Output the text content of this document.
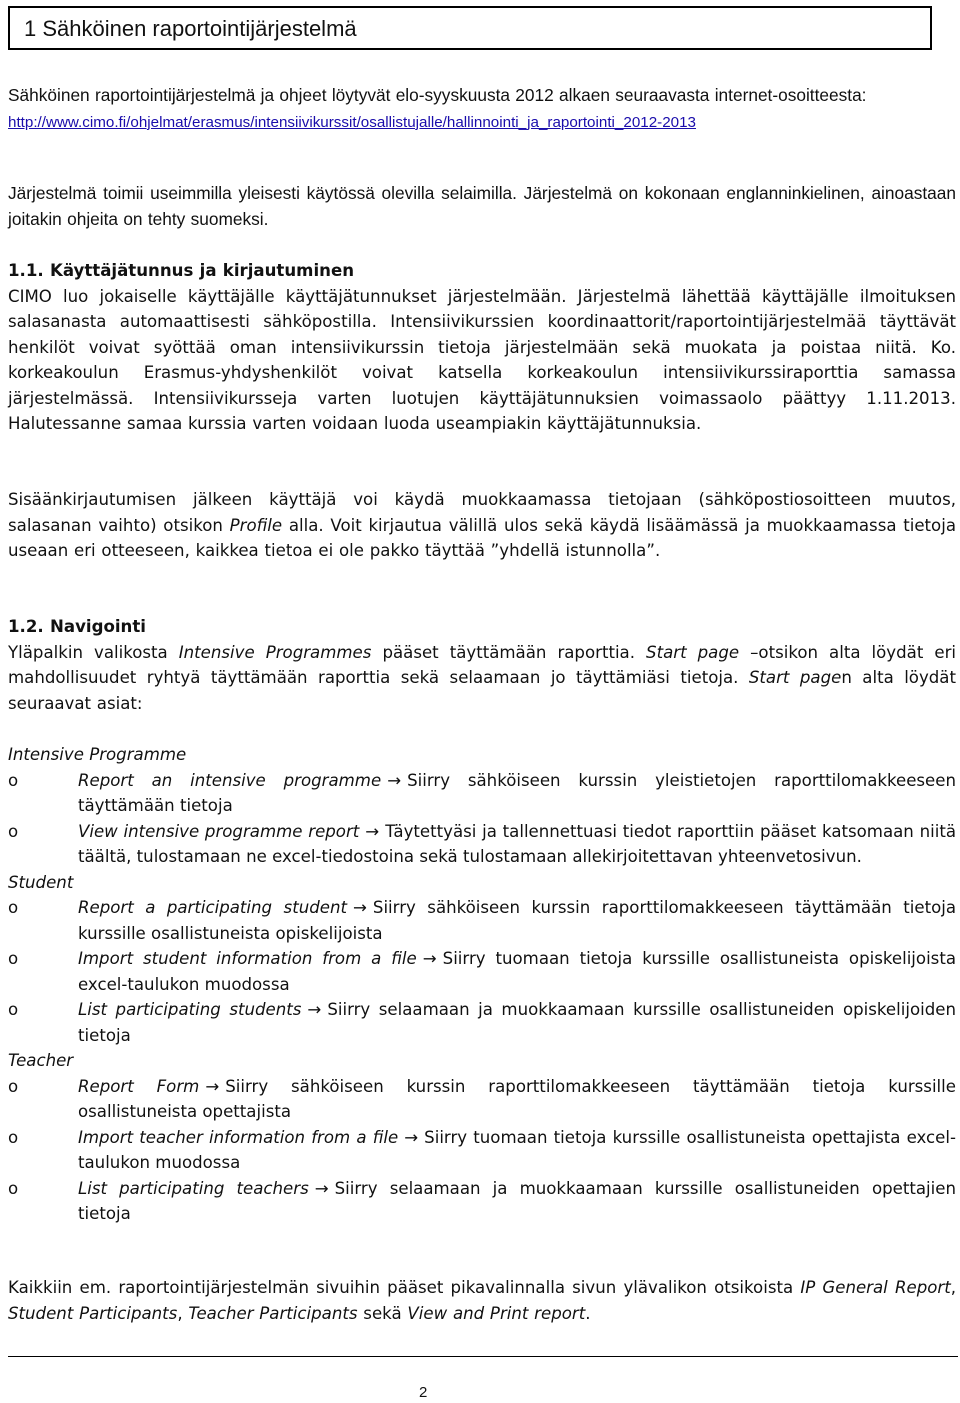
1 Sähköinen raportointijärjestelmä

Sähköinen raportointijärjestelmä ja ohjeet löytyvät elo-syyskuusta 2012 alkaen seuraavasta internet-osoitteesta:
http://www.cimo.fi/ohjelmat/erasmus/intensiivikurssit/osallistujalle/hallinnointi_ja_raportointi_2012-2013

Järjestelmä toimii useimmilla yleisesti käytössä olevilla selaimilla. Järjestelmä on kokonaan englanninkielinen, ainoastaan joitakin ohjeita on tehty suomeksi.

1.1. Käyttäjätunnus ja kirjautuminen
CIMO luo jokaiselle käyttäjälle käyttäjätunnukset järjestelmään. Järjestelmä lähettää käyttäjälle ilmoituksen salasanasta automaattisesti sähköpostilla. Intensiivikurssien koordinaattorit/raportointijärjestelmää täyttävät henkilöt voivat syöttää oman intensiivikurssin tietoja järjestelmään sekä muokata ja poistaa niitä. Ko. korkeakoulun Erasmus-yhdyshenkilöt voivat katsella korkeakoulun intensiivikurssiraporttia samassa järjestelmässä. Intensiivikursseja varten luotujen käyttäjätunnuksien voimassaolo päättyy 1.11.2013. Halutessanne samaa kurssia varten voidaan luoda useampiakin käyttäjätunnuksia.

Sisäänkirjautumisen jälkeen käyttäjä voi käydä muokkaamassa tietojaan (sähköpostiosoitteen muutos, salasanan vaihto) otsikon Profile alla. Voit kirjautua välillä ulos sekä käydä lisäämässä ja muokkaamassa tietoja useaan eri otteeseen, kaikkea tietoa ei ole pakko täyttää ”yhdellä istunnolla”.

1.2. Navigointi
Yläpalkin valikosta Intensive Programmes pääset täyttämään raporttia. Start page –otsikon alta löydät eri mahdollisuudet ryhtyä täyttämään raporttia sekä selaamaan jo täyttämiäsi tietoja. Start pagen alta löydät seuraavat asiat:

Intensive Programme
o	Report an intensive programme → Siirry sähköiseen kurssin yleistietojen raporttilomakkeeseen täyttämään tietoja
o	View intensive programme report → Täytettyäsi ja tallennettuasi tiedot raporttiin pääset katsomaan niitä täältä, tulostamaan ne excel-tiedostoina sekä tulostamaan allekirjoitettavan yhteenvetosivun.
Student
o	Report a participating student → Siirry sähköiseen kurssin raporttilomakkeeseen täyttämään tietoja kurssille osallistuneista opiskelijoista
o	Import student information from a file → Siirry tuomaan tietoja kurssille osallistuneista opiskelijoista excel-taulukon muodossa
o	List participating students → Siirry selaamaan ja muokkaamaan kurssille osallistuneiden opiskelijoiden tietoja
Teacher
o	Report Form → Siirry sähköiseen kurssin raporttilomakkeeseen täyttämään tietoja kurssille osallistuneista opettajista
o	Import teacher information from a file → Siirry tuomaan tietoja kurssille osallistuneista opettajista excel-taulukon muodossa
o	List participating teachers → Siirry selaamaan ja muokkaamaan kurssille osallistuneiden opettajien tietoja

Kaikkiin em. raportointijärjestelmän sivuihin pääset pikavalinnalla sivun ylävalikon otsikoista IP General Report, Student Participants, Teacher Participants sekä View and Print report.

2
